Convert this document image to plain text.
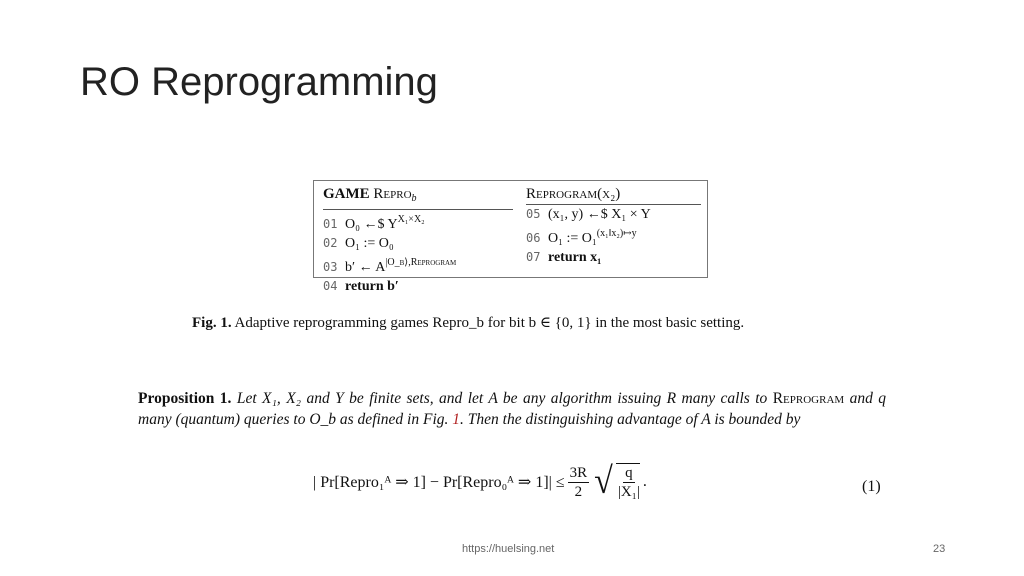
RO Reprogramming
GAME Repro$_b$
01 O₀ ←$ $Y^{X_1\times X_2}$
02 O₁ := O₀
03 b′ ← $A^{|O\_b⟩,Reprogram}$
04 return b′
Reprogram(x₂)
05 (x₁, y) ←$ X₁ × Y
06 O₁ := O₁$^{(x_1‖x_2)↦y}$
07 return x₁
Fig. 1. Adaptive reprogramming games Repro_b for bit b ∈ {0, 1} in the most basic setting.
Proposition 1. Let X₁, X₂ and Y be finite sets, and let A be any algorithm issuing R many calls to Reprogram and q many (quantum) queries to O_b as defined in Fig. 1. Then the distinguishing advantage of A is bounded by
| Pr[Repro₁ᴬ ⇒ 1] − Pr[Repro₀ᴬ ⇒ $1]| \le \frac{3R}{2}$ √ $\frac{q}{\text{|X₁|}}$ .	(1)
https://huelsing.net	23
